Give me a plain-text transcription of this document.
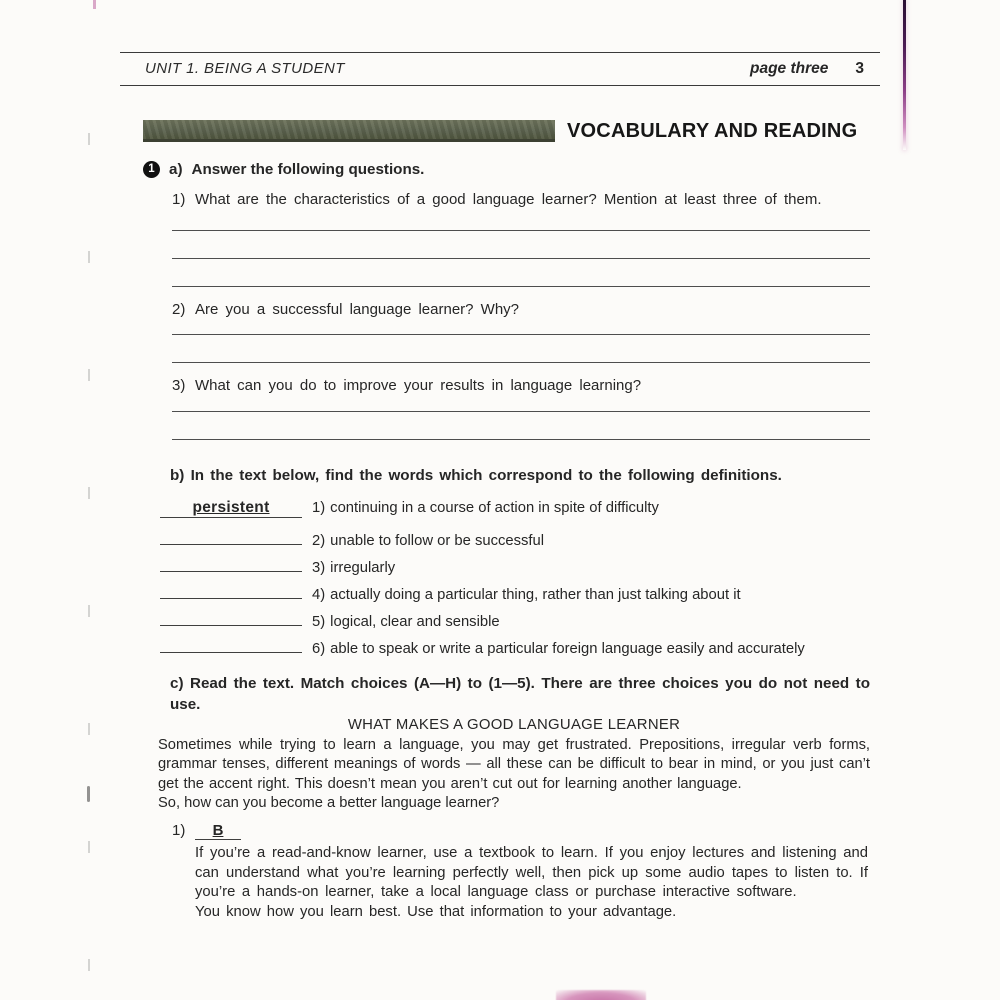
UNIT 1. BEING A STUDENT	page three 3
VOCABULARY AND READING
1 a) Answer the following questions.
1) What are the characteristics of a good language learner? Mention at least three of them.
2) Are you a successful language learner? Why?
3) What can you do to improve your results in language learning?
b) In the text below, find the words which correspond to the following definitions.
persistent	1) continuing in a course of action in spite of difficulty
2) unable to follow or be successful
3) irregularly
4) actually doing a particular thing, rather than just talking about it
5) logical, clear and sensible
6) able to speak or write a particular foreign language easily and accurately
c) Read the text. Match choices (A—H) to (1—5). There are three choices you do not need to use.
WHAT MAKES A GOOD LANGUAGE LEARNER
Sometimes while trying to learn a language, you may get frustrated. Prepositions, irregular verb forms, grammar tenses, different meanings of words — all these can be difficult to bear in mind, or you just can’t get the accent right. This doesn’t mean you aren’t cut out for learning another language.
So, how can you become a better language learner?
1)	B
If you’re a read-and-know learner, use a textbook to learn. If you enjoy lectures and listening and can understand what you’re learning perfectly well, then pick up some audio tapes to listen to. If you’re a hands-on learner, take a local language class or purchase interactive software.
You know how you learn best. Use that information to your advantage.
